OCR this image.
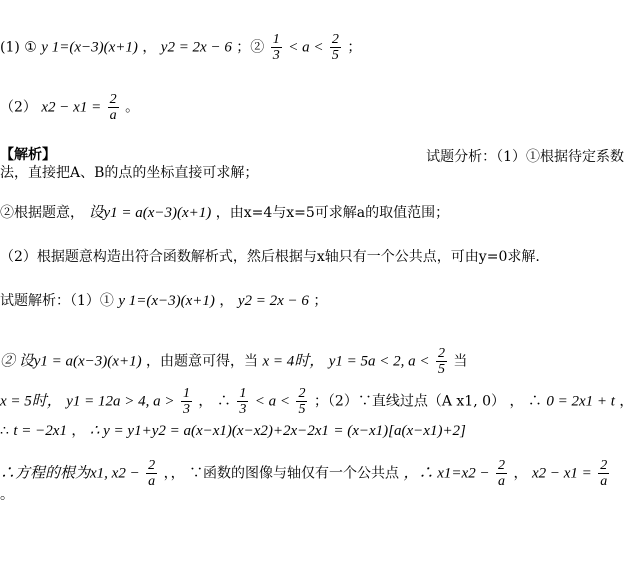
(1) ① y 1=(x−3)(x+1) ， y2 = 2x − 6 ；② $\frac{1}{3} < a < \frac{2}{5}$ ；
（2） $x2 - x1 = \frac{2}{a}$ 。
【解析】	试题分析：（1）①根据待定系数
法，直接把A、B的点的坐标直接可求解；
②根据题意， 设y1 = a(x−3)(x+1) ，由x=4与x=5可求解a的取值范围；
（2）根据题意构造出符合函数解析式，然后根据与x轴只有一个公共点，可由y=0求解.
试题解析：（1）① y 1=(x−3)(x+1) ， y2 = 2x − 6 ；
② 设y1 = a(x−3)(x+1) ，由题意可得，当 x = 4时， y1 = 5a < 2, $a < \frac{2}{5}$ 当
x = 5时， y1 = 12a > 4, $a > \frac{1}{3}$ ， ∴ $\frac{1}{3} < a < \frac{2}{5}$ ；（2）∵直线过点（A x1, 0） ， ∴ 0 = 2x1 + t ，
∴ t = −2x1 ， ∴ y = y1+y2 = a(x−x1)(x−x2)+2x−2x1 = (x−x1)[a(x−x1)+2]
∴方程的根为x1, $x2 - \frac{2}{a}$ ，， ∵函数的图像与轴仅有一个公共点 ，∴ $x1=x2 - \frac{2}{a}$ ， $x2 - x1 = \frac{2}{a}$
。
